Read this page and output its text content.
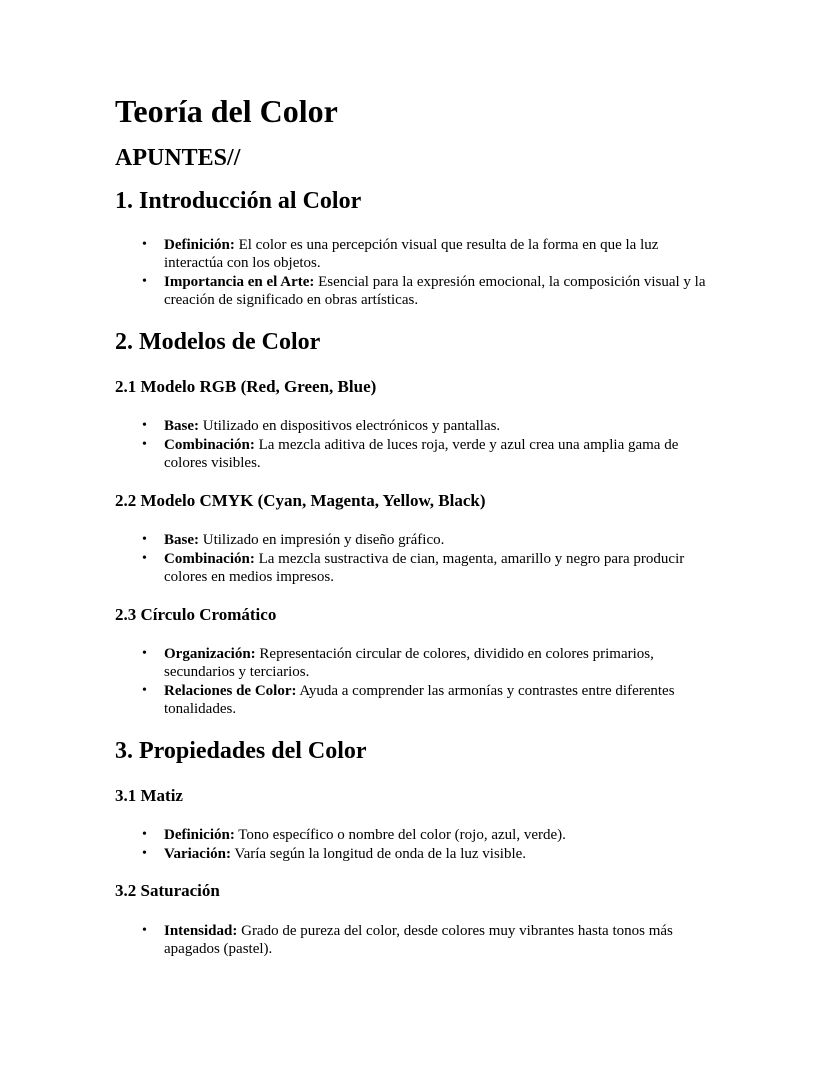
Teoría del Color
APUNTES//
1. Introducción al Color
• Definición: El color es una percepción visual que resulta de la forma en que la luz interactúa con los objetos.
• Importancia en el Arte: Esencial para la expresión emocional, la composición visual y la creación de significado en obras artísticas.
2. Modelos de Color
2.1 Modelo RGB (Red, Green, Blue)
• Base: Utilizado en dispositivos electrónicos y pantallas.
• Combinación: La mezcla aditiva de luces roja, verde y azul crea una amplia gama de colores visibles.
2.2 Modelo CMYK (Cyan, Magenta, Yellow, Black)
• Base: Utilizado en impresión y diseño gráfico.
• Combinación: La mezcla sustractiva de cian, magenta, amarillo y negro para producir colores en medios impresos.
2.3 Círculo Cromático
• Organización: Representación circular de colores, dividido en colores primarios, secundarios y terciarios.
• Relaciones de Color: Ayuda a comprender las armonías y contrastes entre diferentes tonalidades.
3. Propiedades del Color
3.1 Matiz
• Definición: Tono específico o nombre del color (rojo, azul, verde).
• Variación: Varía según la longitud de onda de la luz visible.
3.2 Saturación
• Intensidad: Grado de pureza del color, desde colores muy vibrantes hasta tonos más apagados (pastel).
